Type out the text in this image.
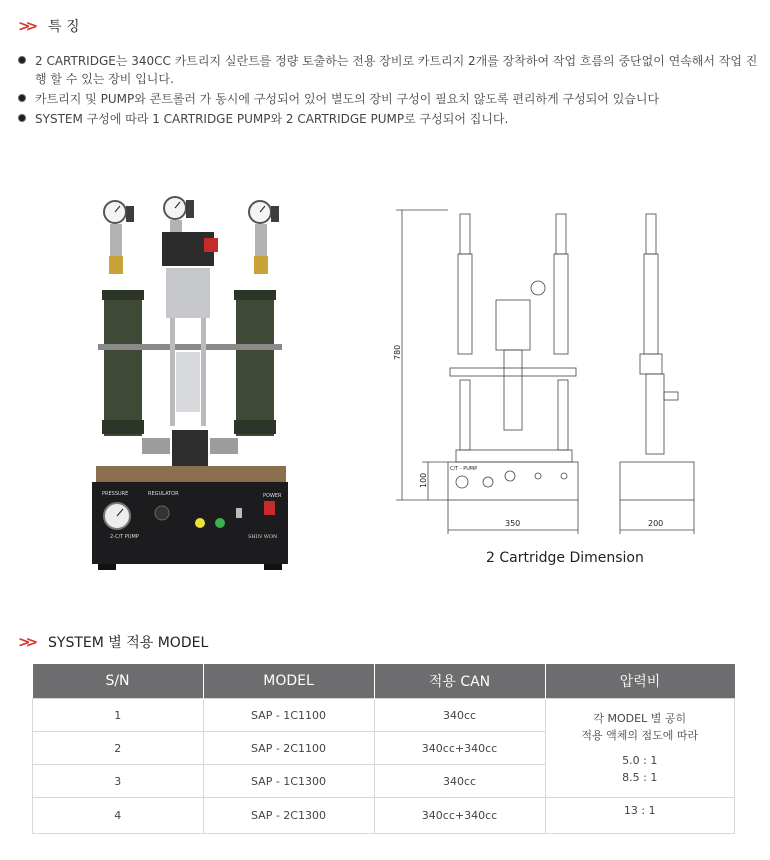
>>	특 징
2 CARTRIDGE는 340CC 카트리지 실란트를 정량 토출하는 전용 장비로 카트리지 2개를 장착하여 작업 흐름의 중단없이 연속해서 작업 진행 할 수 있는 장비 입니다.
카트리지 및 PUMP와 콘트롤러 가 동시에 구성되어 있어 별도의 장비 구성이 필요치 않도록 편리하게 구성되어 있습니다
SYSTEM 구성에 따라 1 CARTRIDGE PUMP와 2 CARTRIDGE PUMP로 구성되어 집니다.
PRESSURE	REGULATOR	POWER
2-C/T PUMP	SHIN WON
780
100
C/T - PUMP
350	200
2 Cartridge Dimension
>>	SYSTEM 별 적용 MODEL
S/N	MODEL	적용 CAN	압력비
1	SAP - 1C1100	340cc	각 MODEL 별 공히
적용 액체의 점도에 따라
5.0 : 1
8.5 : 1

2	SAP - 2C1100	340cc+340cc	
3	SAP - 1C1300	340cc	
4	SAP - 2C1300	340cc+340cc	13 : 1
